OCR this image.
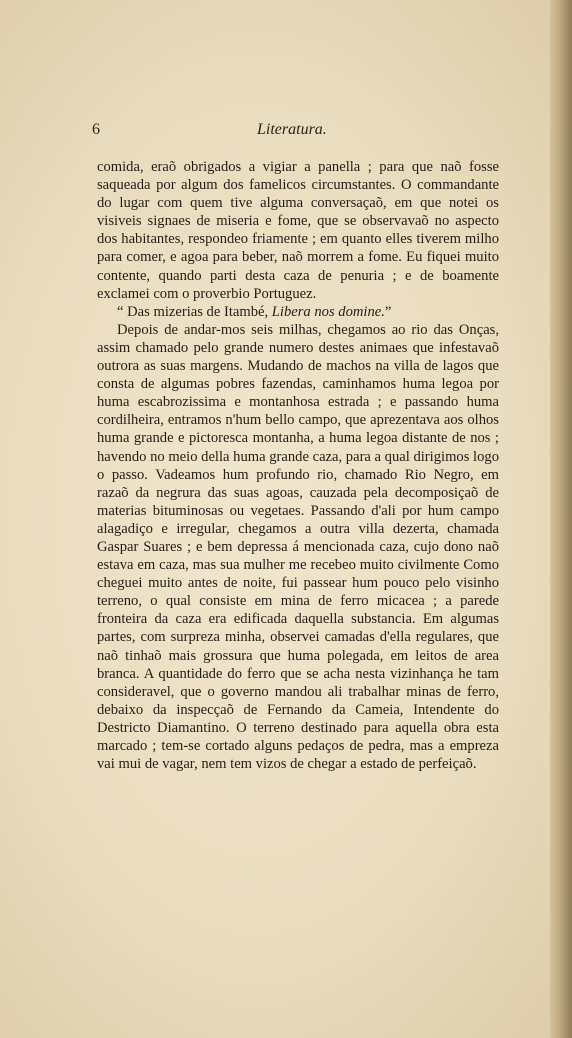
6	Literatura.

comida, eraõ obrigados a vigiar a panella ; para que naõ fosse saqueada por algum dos famelicos circumstantes. O commandante do lugar com quem tive alguma conversaçaõ, em que notei os visiveis signaes de miseria e fome, que se observavaõ no aspecto dos habitantes, respondeo friamente ; em quanto elles tiverem milho para comer, e agoa para beber, naõ morrem a fome. Eu fiquei muito contente, quando parti desta caza de penuria ; e de boamente exclamei com o proverbio Portuguez.

“ Das mizerias de Itambé, Libera nos domine.”

Depois de andar-mos seis milhas, chegamos ao rio das Onças, assim chamado pelo grande numero destes animaes que infestavaõ outrora as suas margens. Mudando de machos na villa de lagos que consta de algumas pobres fazendas, caminhamos huma legoa por huma escabrozissima e montanhosa estrada ; e passando huma cordilheira, entramos n'hum bello campo, que aprezentava aos olhos huma grande e pictoresca montanha, a huma legoa distante de nos ; havendo no meio della huma grande caza, para a qual dirigimos logo o passo. Vadeamos hum profundo rio, chamado Rio Negro, em razaõ da negrura das suas agoas, cauzada pela decomposiçaõ de materias bituminosas ou vegetaes. Passando d'ali por hum campo alagadiço e irregular, chegamos a outra villa dezerta, chamada Gaspar Suares ; e bem depressa á mencionada caza, cujo dono naõ estava em caza, mas sua mulher me recebeo muito civilmente Como cheguei muito antes de noite, fui passear hum pouco pelo visinho terreno, o qual consiste em mina de ferro micacea ; a parede fronteira da caza era edificada daquella substancia. Em algumas partes, com surpreza minha, observei camadas d'ella regulares, que naõ tinhaõ mais grossura que huma polegada, em leitos de area branca. A quantidade do ferro que se acha nesta vizinhança he tam consideravel, que o governo mandou ali trabalhar minas de ferro, debaixo da inspecçaõ de Fernando da Cameia, Intendente do Destricto Diamantino. O terreno destinado para aquella obra esta marcado ; tem-se cortado alguns pedaços de pedra, mas a empreza vai mui de vagar, nem tem vizos de chegar a estado de perfeiçaõ.
